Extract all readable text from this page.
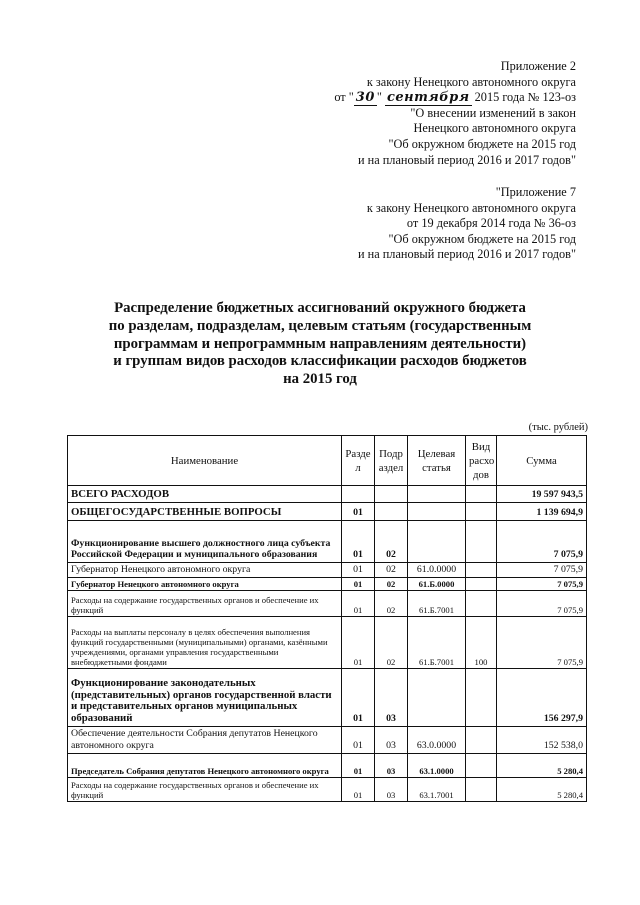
Приложение 2
к закону Ненецкого автономного округа
от " 30 " сентября 2015 года № 123-оз
"О внесении изменений в закон
Ненецкого автономного округа
"Об окружном бюджете на 2015 год
и на плановый период 2016 и 2017 годов"
"Приложение 7
к закону Ненецкого автономного округа
от 19 декабря 2014 года № 36-оз
"Об окружном бюджете на 2015 год
и на плановый период 2016 и 2017 годов"
Распределение бюджетных ассигнований окружного бюджета
по разделам, подразделам, целевым статьям (государственным
программам и непрограммным направлениям деятельности)
и группам видов расходов классификации расходов бюджетов
на 2015 год
(тыс. рублей)
Наименование	Разде л	Подр аздел	Целевая статья	Вид расхо дов	Сумма
ВСЕГО РАСХОДОВ					19 597 943,5
ОБЩЕГОСУДАРСТВЕННЫЕ ВОПРОСЫ	01				1 139 694,9
Функционирование высшего должностного лица субъекта Российской Федерации и муниципального образования	01	02			7 075,9
Губернатор Ненецкого автономного округа	01	02	61.0.0000		7 075,9
Губернатор Ненецкого автономного округа	01	02	61.Б.0000		7 075,9
Расходы на содержание государственных органов и обеспечение их функций	01	02	61.Б.7001		7 075,9
Расходы на выплаты персоналу в целях обеспечения выполнения функций государственными (муниципальными) органами, казёнными учреждениями, органами управления государственными внебюджетными фондами	01	02	61.Б.7001	100	7 075,9
Функционирование законодательных (представительных) органов государственной власти и представительных органов муниципальных образований	01	03			156 297,9
Обеспечение деятельности Собрания депутатов Ненецкого автономного округа	01	03	63.0.0000		152 538,0
Председатель Собрания депутатов Ненецкого автономного округа	01	03	63.1.0000		5 280,4
Расходы на содержание государственных органов и обеспечение их функций	01	03	63.1.7001		5 280,4
